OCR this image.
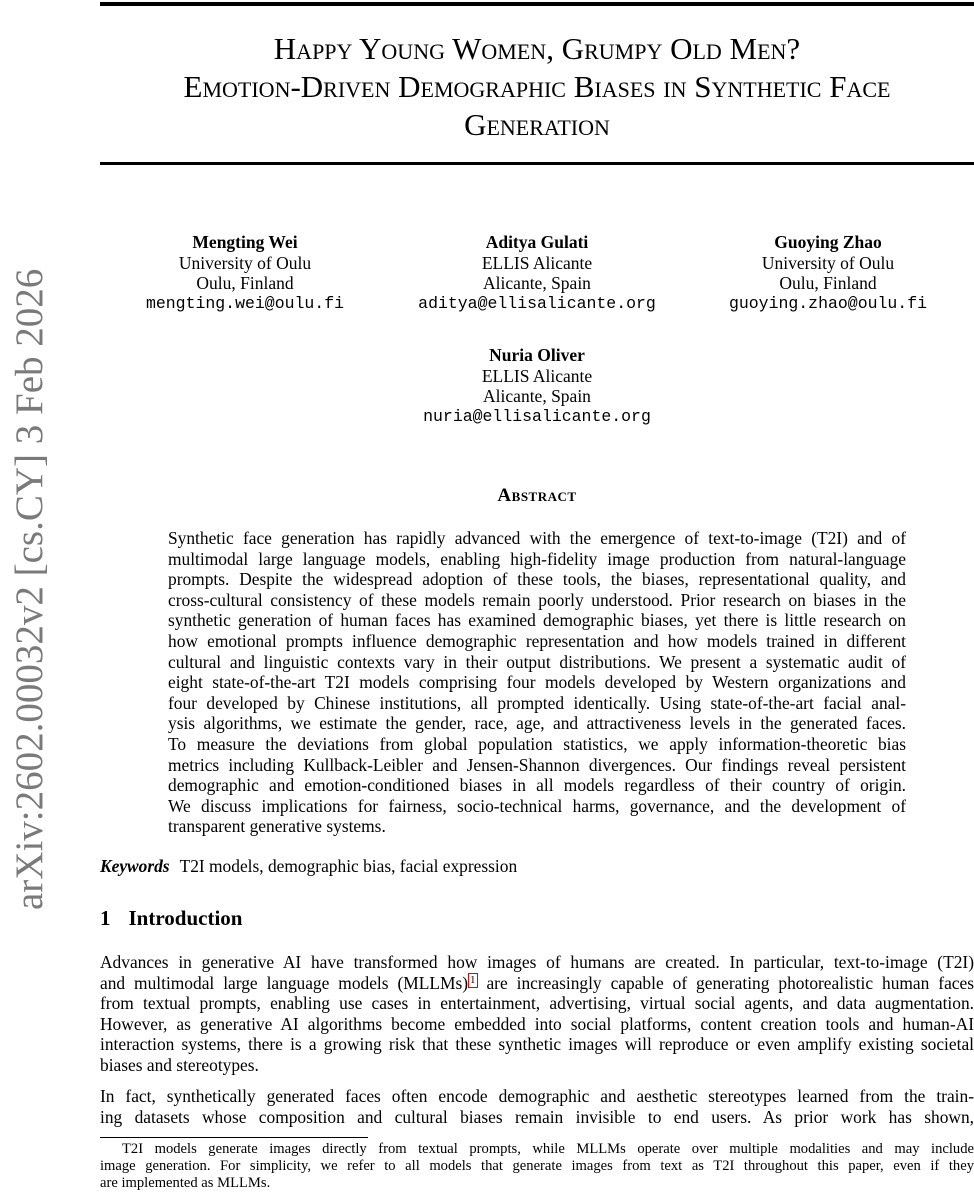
arXiv:2602.00032v2 [cs.CY] 3 Feb 2026
Happy Young Women, Grumpy Old Men?
Emotion-Driven Demographic Biases in Synthetic Face
Generation
Mengting Wei
University of Oulu
Oulu, Finland
mengting.wei@oulu.fi
Aditya Gulati
ELLIS Alicante
Alicante, Spain
aditya@ellisalicante.org
Guoying Zhao
University of Oulu
Oulu, Finland
guoying.zhao@oulu.fi
Nuria Oliver
ELLIS Alicante
Alicante, Spain
nuria@ellisalicante.org
Abstract
Synthetic face generation has rapidly advanced with the emergence of text-to-image (T2I) and of
multimodal large language models, enabling high-fidelity image production from natural-language
prompts. Despite the widespread adoption of these tools, the biases, representational quality, and
cross-cultural consistency of these models remain poorly understood. Prior research on biases in the
synthetic generation of human faces has examined demographic biases, yet there is little research on
how emotional prompts influence demographic representation and how models trained in different
cultural and linguistic contexts vary in their output distributions. We present a systematic audit of
eight state-of-the-art T2I models comprising four models developed by Western organizations and
four developed by Chinese institutions, all prompted identically. Using state-of-the-art facial anal-
ysis algorithms, we estimate the gender, race, age, and attractiveness levels in the generated faces.
To measure the deviations from global population statistics, we apply information-theoretic bias
metrics including Kullback-Leibler and Jensen-Shannon divergences. Our findings reveal persistent
demographic and emotion-conditioned biases in all models regardless of their country of origin.
We discuss implications for fairness, socio-technical harms, governance, and the development of
transparent generative systems.
Keywords T2I models, demographic bias, facial expression
1 Introduction
Advances in generative AI have transformed how images of humans are created. In particular, text-to-image (T2I)
and multimodal large language models (MLLMs) 1 are increasingly capable of generating photorealistic human faces
from textual prompts, enabling use cases in entertainment, advertising, virtual social agents, and data augmentation.
However, as generative AI algorithms become embedded into social platforms, content creation tools and human-AI
interaction systems, there is a growing risk that these synthetic images will reproduce or even amplify existing societal
biases and stereotypes.
In fact, synthetically generated faces often encode demographic and aesthetic stereotypes learned from the train-
ing datasets whose composition and cultural biases remain invisible to end users. As prior work has shown,
T2I models generate images directly from textual prompts, while MLLMs operate over multiple modalities and may include
image generation. For simplicity, we refer to all models that generate images from text as T2I throughout this paper, even if they
are implemented as MLLMs.
